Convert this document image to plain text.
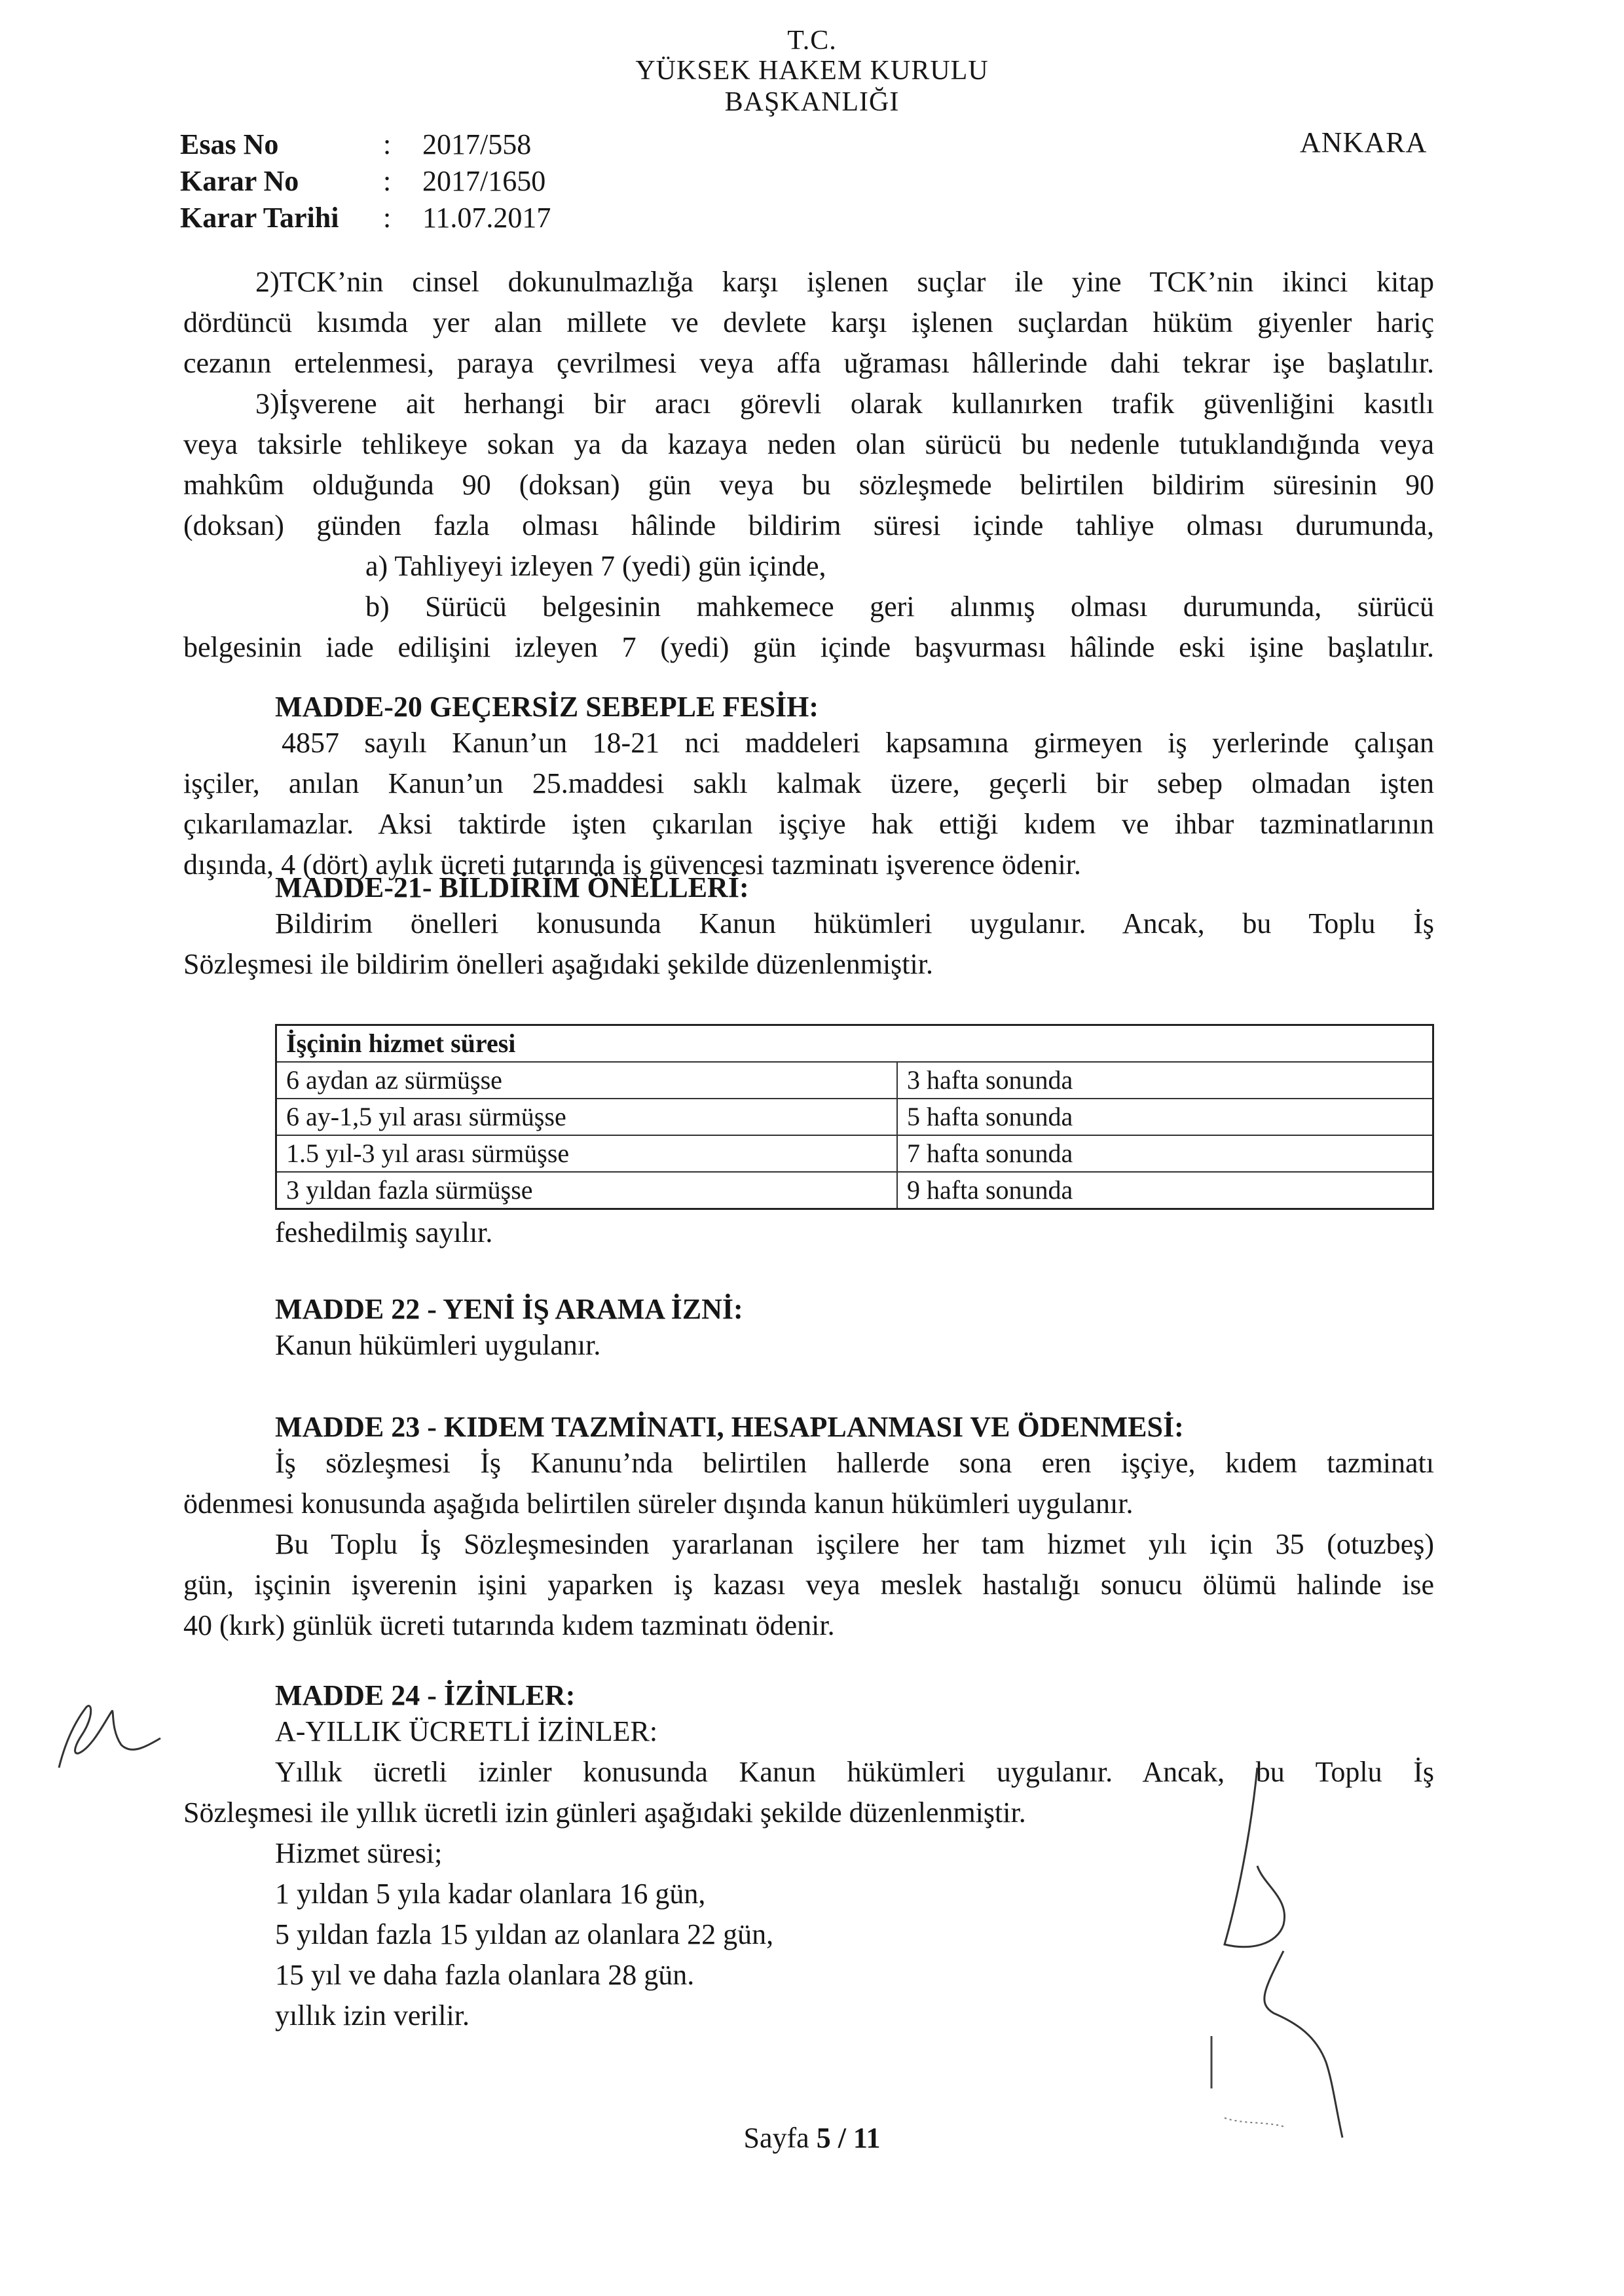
T.C.
YÜKSEK HAKEM KURULU
BAŞKANLIĞI
ANKARA
Esas No	: 2017/558
Karar No	: 2017/1650
Karar Tarihi : 11.07.2017
2)TCK’nin cinsel dokunulmazlığa karşı işlenen suçlar ile yine TCK’nin ikinci kitap
dördüncü kısımda yer alan millete ve devlete karşı işlenen suçlardan hüküm giyenler hariç
cezanın ertelenmesi, paraya çevrilmesi veya affa uğraması hâllerinde dahi tekrar işe başlatılır.
3)İşverene ait herhangi bir aracı görevli olarak kullanırken trafik güvenliğini kasıtlı
veya taksirle tehlikeye sokan ya da kazaya neden olan sürücü bu nedenle tutuklandığında veya
mahkûm olduğunda 90 (doksan) gün veya bu sözleşmede belirtilen bildirim süresinin 90
(doksan) günden fazla olması hâlinde bildirim süresi içinde tahliye olması durumunda,
a) Tahliyeyi izleyen 7 (yedi) gün içinde,
b) Sürücü belgesinin mahkemece geri alınmış olması durumunda, sürücü
belgesinin iade edilişini izleyen 7 (yedi) gün içinde başvurması hâlinde eski işine başlatılır.
MADDE-20 GEÇERSİZ SEBEPLE FESİH:
4857 sayılı Kanun’un 18-21 nci maddeleri kapsamına girmeyen iş yerlerinde çalışan
işçiler, anılan Kanun’un 25.maddesi saklı kalmak üzere, geçerli bir sebep olmadan işten
çıkarılamazlar. Aksi taktirde işten çıkarılan işçiye hak ettiği kıdem ve ihbar tazminatlarının
dışında, 4 (dört) aylık ücreti tutarında iş güvencesi tazminatı işverence ödenir.
MADDE-21- BİLDİRİM ÖNELLERİ:
Bildirim önelleri konusunda Kanun hükümleri uygulanır. Ancak, bu Toplu İş
Sözleşmesi ile bildirim önelleri aşağıdaki şekilde düzenlenmiştir.
İşçinin hizmet süresi	
6 aydan az sürmüşse	3 hafta sonunda
6 ay-1,5 yıl arası sürmüşse	5 hafta sonunda
1.5 yıl-3 yıl arası sürmüşse	7 hafta sonunda
3 yıldan fazla sürmüşse	9 hafta sonunda
feshedilmiş sayılır.
MADDE 22 - YENİ İŞ ARAMA İZNİ:
Kanun hükümleri uygulanır.
MADDE 23 - KIDEM TAZMİNATI, HESAPLANMASI VE ÖDENMESİ:
İş sözleşmesi İş Kanunu’nda belirtilen hallerde sona eren işçiye, kıdem tazminatı
ödenmesi konusunda aşağıda belirtilen süreler dışında kanun hükümleri uygulanır.
Bu Toplu İş Sözleşmesinden yararlanan işçilere her tam hizmet yılı için 35 (otuzbeş)
gün, işçinin işverenin işini yaparken iş kazası veya meslek hastalığı sonucu ölümü halinde ise
40 (kırk) günlük ücreti tutarında kıdem tazminatı ödenir.
MADDE 24 - İZİNLER:
A-YILLIK ÜCRETLİ İZİNLER:
Yıllık ücretli izinler konusunda Kanun hükümleri uygulanır. Ancak, bu Toplu İş
Sözleşmesi ile yıllık ücretli izin günleri aşağıdaki şekilde düzenlenmiştir.
Hizmet süresi;
1 yıldan 5 yıla kadar olanlara 16 gün,
5 yıldan fazla 15 yıldan az olanlara 22 gün,
15 yıl ve daha fazla olanlara 28 gün.
yıllık izin verilir.
Sayfa 5 / 11
